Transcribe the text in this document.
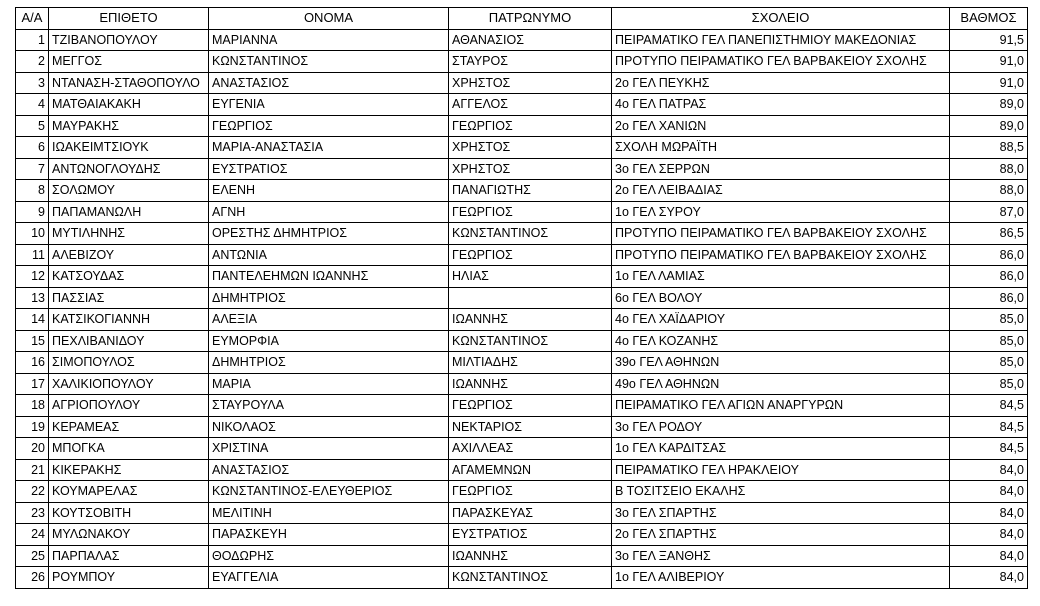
Α/Α	ΕΠΙΘΕΤΟ	ΟΝΟΜΑ	ΠΑΤΡΩΝΥΜΟ	ΣΧΟΛΕΙΟ	ΒΑΘΜΟΣ
1	ΤΖΙΒΑΝΟΠΟΥΛΟΥ	ΜΑΡΙΑΝΝΑ	ΑΘΑΝΑΣΙΟΣ	ΠΕΙΡΑΜΑΤΙΚΟ ΓΕΛ ΠΑΝΕΠΙΣΤΗΜΙΟΥ ΜΑΚΕΔΟΝΙΑΣ	91,5
2	ΜΕΓΓΟΣ	ΚΩΝΣΤΑΝΤΙΝΟΣ	ΣΤΑΥΡΟΣ	ΠΡΟΤΥΠΟ ΠΕΙΡΑΜΑΤΙΚΟ ΓΕΛ ΒΑΡΒΑΚΕΙΟΥ ΣΧΟΛΗΣ	91,0
3	ΝΤΑΝΑΣΗ-ΣΤΑΘΟΠΟΥΛΟ	ΑΝΑΣΤΑΣΙΟΣ	ΧΡΗΣΤΟΣ	2ο ΓΕΛ ΠΕΥΚΗΣ	91,0
4	ΜΑΤΘΑΙΑΚΑΚΗ	ΕΥΓΕΝΙΑ	ΑΓΓΕΛΟΣ	4ο ΓΕΛ ΠΑΤΡΑΣ	89,0
5	ΜΑΥΡΑΚΗΣ	ΓΕΩΡΓΙΟΣ	ΓΕΩΡΓΙΟΣ	2ο ΓΕΛ ΧΑΝΙΩΝ	89,0
6	ΙΩΑΚΕΙΜΤΣΙΟΥΚ	ΜΑΡΙΑ-ΑΝΑΣΤΑΣΙΑ	ΧΡΗΣΤΟΣ	ΣΧΟΛΗ ΜΩΡΑΪΤΗ	88,5
7	ΑΝΤΩΝΟΓΛΟΥΔΗΣ	ΕΥΣΤΡΑΤΙΟΣ	ΧΡΗΣΤΟΣ	3ο ΓΕΛ ΣΕΡΡΩΝ	88,0
8	ΣΟΛΩΜΟΥ	ΕΛΕΝΗ	ΠΑΝΑΓΙΩΤΗΣ	2ο ΓΕΛ ΛΕΙΒΑΔΙΑΣ	88,0
9	ΠΑΠΑΜΑΝΩΛΗ	ΑΓΝΗ	ΓΕΩΡΓΙΟΣ	1ο ΓΕΛ ΣΥΡΟΥ	87,0
10	ΜΥΤΙΛΗΝΗΣ	ΟΡΕΣΤΗΣ ΔΗΜΗΤΡΙΟΣ	ΚΩΝΣΤΑΝΤΙΝΟΣ	ΠΡΟΤΥΠΟ ΠΕΙΡΑΜΑΤΙΚΟ ΓΕΛ ΒΑΡΒΑΚΕΙΟΥ ΣΧΟΛΗΣ	86,5
11	ΑΛΕΒΙΖΟΥ	ΑΝΤΩΝΙΑ	ΓΕΩΡΓΙΟΣ	ΠΡΟΤΥΠΟ ΠΕΙΡΑΜΑΤΙΚΟ ΓΕΛ ΒΑΡΒΑΚΕΙΟΥ ΣΧΟΛΗΣ	86,0
12	ΚΑΤΣΟΥΔΑΣ	ΠΑΝΤΕΛΕΗΜΩΝ ΙΩΑΝΝΗΣ	ΗΛΙΑΣ	1ο ΓΕΛ ΛΑΜΙΑΣ	86,0
13	ΠΑΣΣΙΑΣ	ΔΗΜΗΤΡΙΟΣ		6ο ΓΕΛ ΒΟΛΟΥ	86,0
14	ΚΑΤΣΙΚΟΓΙΑΝΝΗ	ΑΛΕΞΙΑ	ΙΩΑΝΝΗΣ	4ο ΓΕΛ ΧΑΪΔΑΡΙΟΥ	85,0
15	ΠΕΧΛΙΒΑΝΙΔΟΥ	ΕΥΜΟΡΦΙΑ	ΚΩΝΣΤΑΝΤΙΝΟΣ	4ο ΓΕΛ ΚΟΖΑΝΗΣ	85,0
16	ΣΙΜΟΠΟΥΛΟΣ	ΔΗΜΗΤΡΙΟΣ	ΜΙΛΤΙΑΔΗΣ	39ο ΓΕΛ ΑΘΗΝΩΝ	85,0
17	ΧΑΛΙΚΙΟΠΟΥΛΟΥ	ΜΑΡΙΑ	ΙΩΑΝΝΗΣ	49ο ΓΕΛ ΑΘΗΝΩΝ	85,0
18	ΑΓΡΙΟΠΟΥΛΟΥ	ΣΤΑΥΡΟΥΛΑ	ΓΕΩΡΓΙΟΣ	ΠΕΙΡΑΜΑΤΙΚΟ ΓΕΛ ΑΓΙΩΝ ΑΝΑΡΓΥΡΩΝ	84,5
19	ΚΕΡΑΜΕΑΣ	ΝΙΚΟΛΑΟΣ	ΝΕΚΤΑΡΙΟΣ	3ο ΓΕΛ ΡΟΔΟΥ	84,5
20	ΜΠΟΓΚΑ	ΧΡΙΣΤΙΝΑ	ΑΧΙΛΛΕΑΣ	1ο ΓΕΛ ΚΑΡΔΙΤΣΑΣ	84,5
21	ΚΙΚΕΡΑΚΗΣ	ΑΝΑΣΤΑΣΙΟΣ	ΑΓΑΜΕΜΝΩΝ	ΠΕΙΡΑΜΑΤΙΚΟ ΓΕΛ ΗΡΑΚΛΕΙΟΥ	84,0
22	ΚΟΥΜΑΡΕΛΑΣ	ΚΩΝΣΤΑΝΤΙΝΟΣ-ΕΛΕΥΘΕΡΙΟΣ	ΓΕΩΡΓΙΟΣ	Β ΤΟΣΙΤΣΕΙΟ ΕΚΑΛΗΣ	84,0
23	ΚΟΥΤΣΟΒΙΤΗ	ΜΕΛΙΤΙΝΗ	ΠΑΡΑΣΚΕΥΑΣ	3ο ΓΕΛ ΣΠΑΡΤΗΣ	84,0
24	ΜΥΛΩΝΑΚΟΥ	ΠΑΡΑΣΚΕΥΗ	ΕΥΣΤΡΑΤΙΟΣ	2ο ΓΕΛ ΣΠΑΡΤΗΣ	84,0
25	ΠΑΡΠΑΛΑΣ	ΘΟΔΩΡΗΣ	ΙΩΑΝΝΗΣ	3ο ΓΕΛ ΞΑΝΘΗΣ	84,0
26	ΡΟΥΜΠΟΥ	ΕΥΑΓΓΕΛΙΑ	ΚΩΝΣΤΑΝΤΙΝΟΣ	1ο ΓΕΛ ΑΛΙΒΕΡΙΟΥ	84,0
